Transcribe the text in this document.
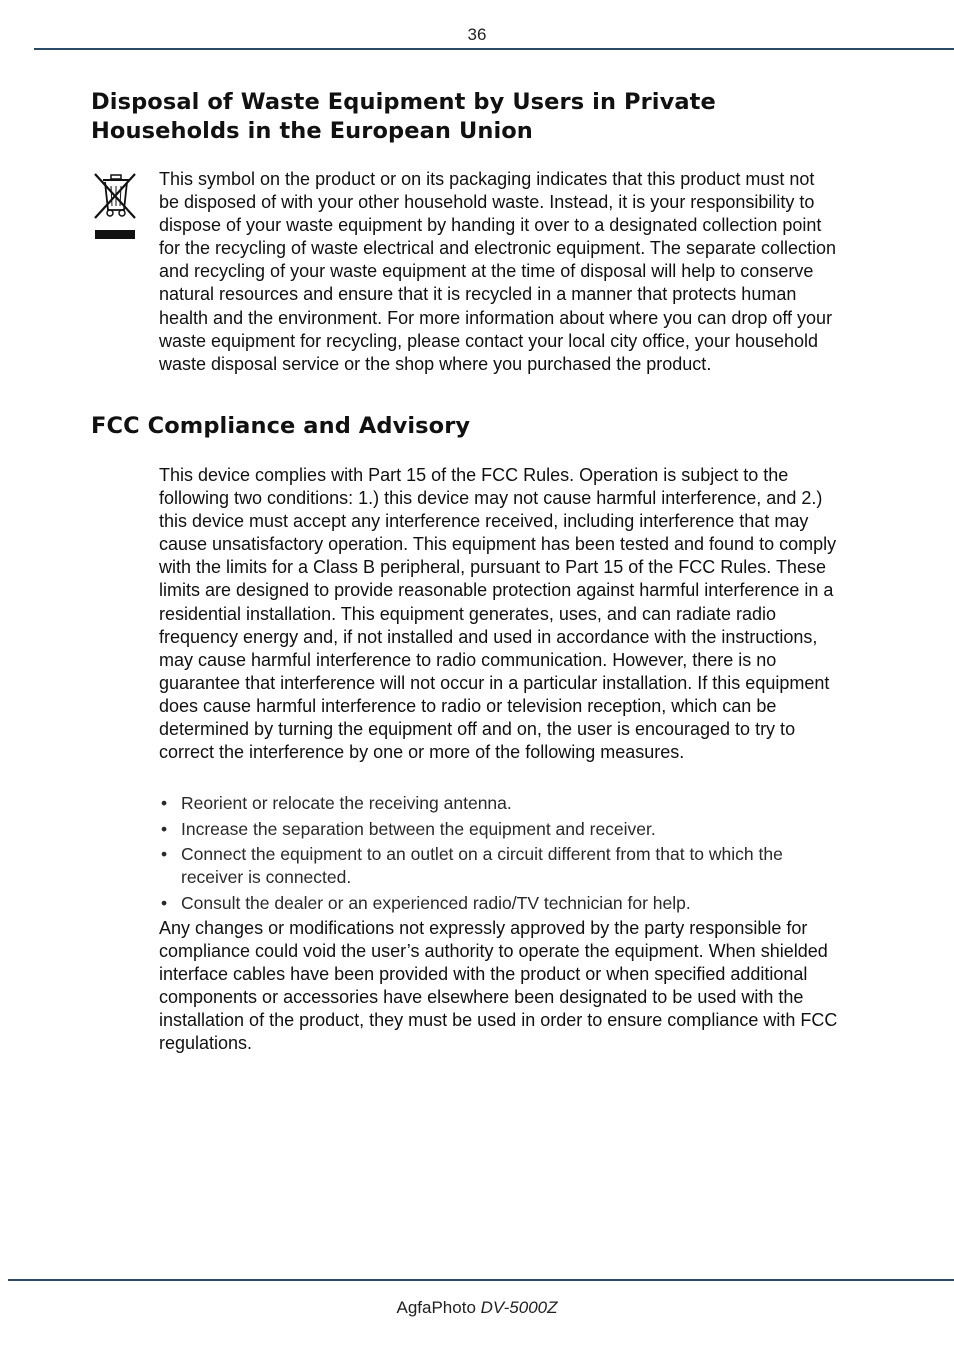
36
Disposal of Waste Equipment by Users in Private Households in the European Union

This symbol on the product or on its packaging indicates that this product must not be disposed of with your other household waste. Instead, it is your responsibility to dispose of your waste equipment by handing it over to a designated collection point for the recycling of waste electrical and electronic equipment. The separate collection and recycling of your waste equipment at the time of disposal will help to conserve natural resources and ensure that it is recycled in a manner that protects human health and the environment. For more information about where you can drop off your waste equipment for recycling, please contact your local city office, your household waste disposal service or the shop where you purchased the product.

FCC Compliance and Advisory

This device complies with Part 15 of the FCC Rules. Operation is subject to the following two conditions: 1.) this device may not cause harmful interference, and 2.) this device must accept any interference received, including interference that may cause unsatisfactory operation. This equipment has been tested and found to comply with the limits for a Class B peripheral, pursuant to Part 15 of the FCC Rules. These limits are designed to provide reasonable protection against harmful interference in a residential installation. This equipment generates, uses, and can radiate radio frequency energy and, if not installed and used in accordance with the instructions, may cause harmful interference to radio communication. However, there is no guarantee that interference will not occur in a particular installation. If this equipment does cause harmful interference to radio or television reception, which can be determined by turning the equipment off and on, the user is encouraged to try to correct the interference by one or more of the following measures.

• Reorient or relocate the receiving antenna.
• Increase the separation between the equipment and receiver.
• Connect the equipment to an outlet on a circuit different from that to which the receiver is connected.
• Consult the dealer or an experienced radio/TV technician for help.

Any changes or modifications not expressly approved by the party responsible for compliance could void the user’s authority to operate the equipment. When shielded interface cables have been provided with the product or when specified additional components or accessories have elsewhere been designated to be used with the installation of the product, they must be used in order to ensure compliance with FCC regulations.

AgfaPhoto DV-5000Z
